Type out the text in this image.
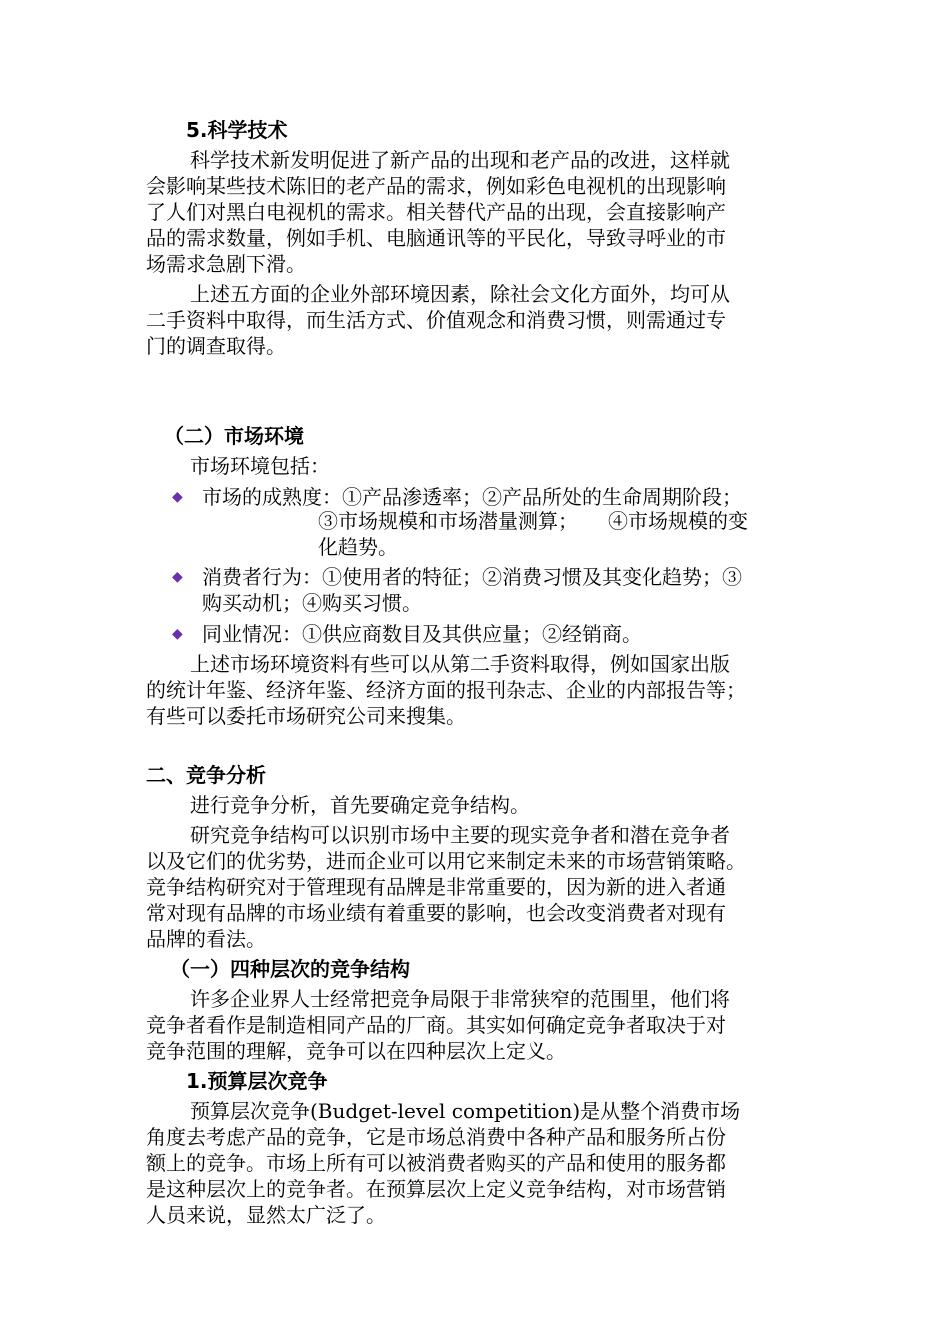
5.科学技术
科学技术新发明促进了新产品的出现和老产品的改进，这样就
会影响某些技术陈旧的老产品的需求，例如彩色电视机的出现影响
了人们对黑白电视机的需求。相关替代产品的出现，会直接影响产
品的需求数量，例如手机、电脑通讯等的平民化，导致寻呼业的市
场需求急剧下滑。
上述五方面的企业外部环境因素，除社会文化方面外，均可从
二手资料中取得，而生活方式、价值观念和消费习惯，则需通过专
门的调查取得。
（二）市场环境
市场环境包括：
◆ 市场的成熟度：①产品渗透率；②产品所处的生命周期阶段；
③市场规模和市场潜量测算；　　④市场规模的变
化趋势。
◆ 消费者行为：①使用者的特征；②消费习惯及其变化趋势；③
购买动机；④购买习惯。
◆ 同业情况：①供应商数目及其供应量；②经销商。
上述市场环境资料有些可以从第二手资料取得，例如国家出版
的统计年鉴、经济年鉴、经济方面的报刊杂志、企业的内部报告等；
有些可以委托市场研究公司来搜集。
二、竞争分析
进行竞争分析，首先要确定竞争结构。
研究竞争结构可以识别市场中主要的现实竞争者和潜在竞争者
以及它们的优劣势，进而企业可以用它来制定未来的市场营销策略。
竞争结构研究对于管理现有品牌是非常重要的，因为新的进入者通
常对现有品牌的市场业绩有着重要的影响，也会改变消费者对现有
品牌的看法。
（一）四种层次的竞争结构
许多企业界人士经常把竞争局限于非常狭窄的范围里，他们将
竞争者看作是制造相同产品的厂商。其实如何确定竞争者取决于对
竞争范围的理解，竞争可以在四种层次上定义。
1.预算层次竞争
预算层次竞争(Budget-level competition)是从整个消费市场
角度去考虑产品的竞争，它是市场总消费中各种产品和服务所占份
额上的竞争。市场上所有可以被消费者购买的产品和使用的服务都
是这种层次上的竞争者。在预算层次上定义竞争结构，对市场营销
人员来说，显然太广泛了。
